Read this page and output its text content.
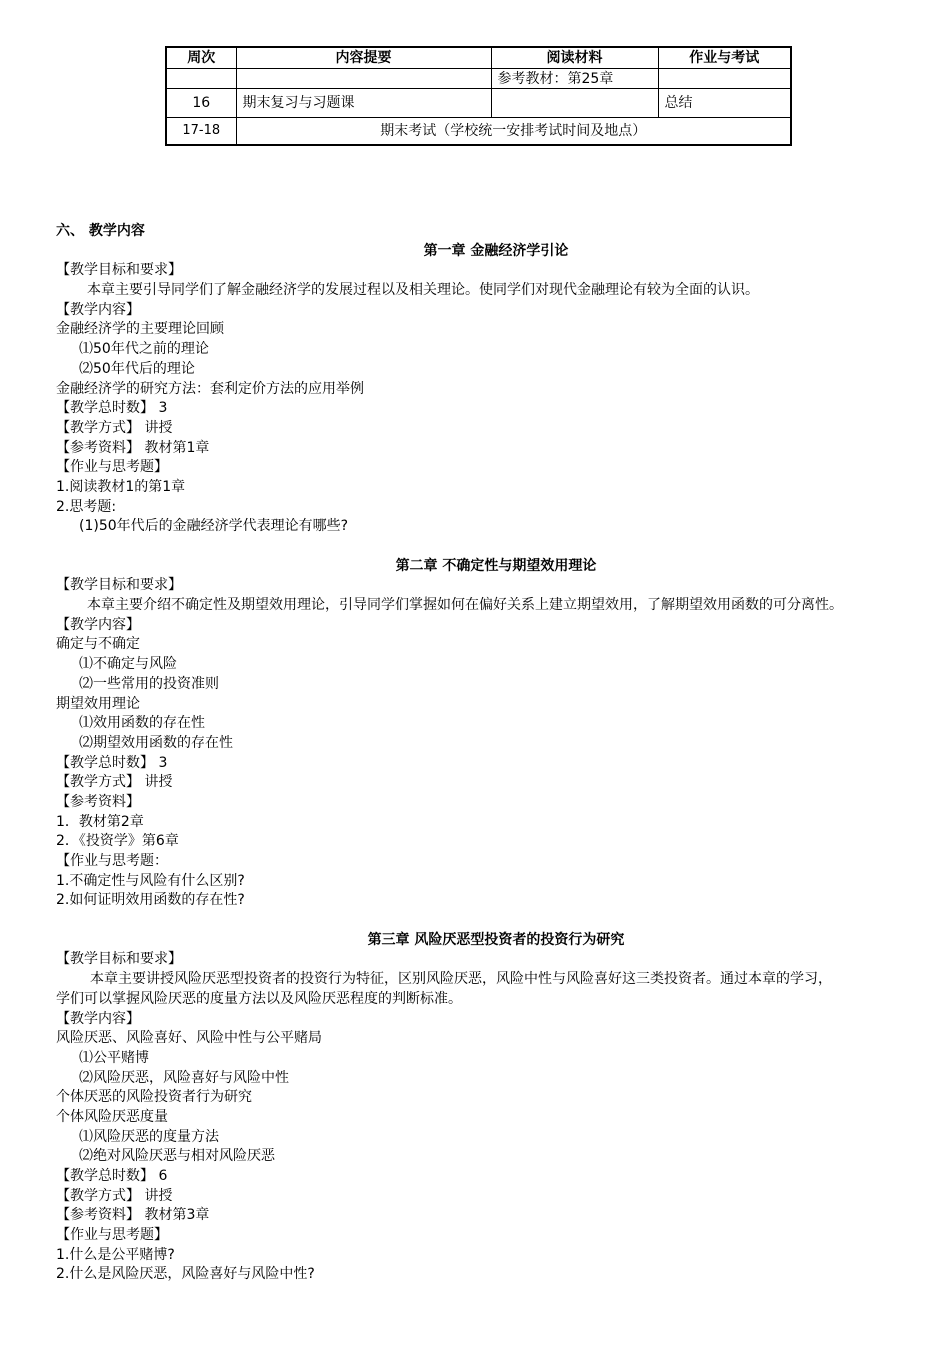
周次	内容提要	阅读材料	作业与考试
		参考教材：第25章	
16	期末复习与习题课		总结
17-18	期末考试（学校统一安排考试时间及地点）		
六、 教学内容
第一章 金融经济学引论
【教学目标和要求】
本章主要引导同学们了解金融经济学的发展过程以及相关理论。使同学们对现代金融理论有较为全面的认识。
【教学内容】
金融经济学的主要理论回顾
⑴50年代之前的理论
⑵50年代后的理论
金融经济学的研究方法：套利定价方法的应用举例
【教学总时数】 3
【教学方式】 讲授
【参考资料】 教材第1章
【作业与思考题】
1.阅读教材1的第1章
2.思考题:
(1)50年代后的金融经济学代表理论有哪些?
第二章 不确定性与期望效用理论
【教学目标和要求】
本章主要介绍不确定性及期望效用理论，引导同学们掌握如何在偏好关系上建立期望效用，了解期望效用函数的可分离性。
【教学内容】
确定与不确定
⑴不确定与风险
⑵一些常用的投资准则
期望效用理论
⑴效用函数的存在性
⑵期望效用函数的存在性
【教学总时数】 3
【教学方式】 讲授
【参考资料】
1．教材第2章
2．《投资学》第6章
【作业与思考题：
1.不确定性与风险有什么区别?
2.如何证明效用函数的存在性?
第三章 风险厌恶型投资者的投资行为研究
【教学目标和要求】
本章主要讲授风险厌恶型投资者的投资行为特征，区别风险厌恶，风险中性与风险喜好这三类投资者。通过本章的学习，
学们可以掌握风险厌恶的度量方法以及风险厌恶程度的判断标准。
【教学内容】
风险厌恶、风险喜好、风险中性与公平赌局
⑴公平赌博
⑵风险厌恶，风险喜好与风险中性
个体厌恶的风险投资者行为研究
个体风险厌恶度量
⑴风险厌恶的度量方法
⑵绝对风险厌恶与相对风险厌恶
【教学总时数】 6
【教学方式】 讲授
【参考资料】 教材第3章
【作业与思考题】
1.什么是公平赌博?
2.什么是风险厌恶，风险喜好与风险中性?
